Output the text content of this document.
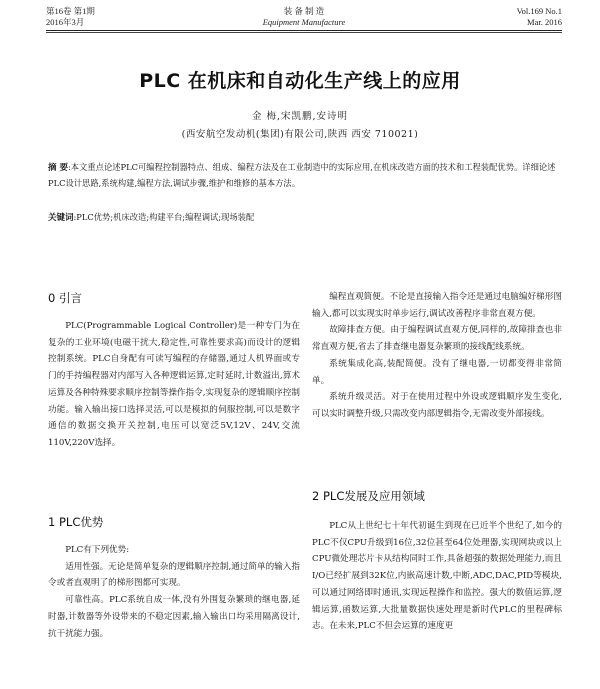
第16卷 第1期
2016年3月
装 备 制 造
Equipment Manufacture
Vol.169 No.1
Mar. 2016
PLC 在机床和自动化生产线上的应用
金 梅,宋凯鹏,安诗明
(西安航空发动机(集团)有限公司,陕西 西安 710021)
摘 要:本文重点论述PLC可编程控制器特点、组成、编程方法及在工业制造中的实际应用,在机床改造方面的技术和工程装配优势。详细论述PLC设计思路,系统构建,编程方法,调试步骤,维护和维修的基本方法。
关键词:PLC优势;机床改造;构建平台;编程调试;现场装配
0 引言

PLC(Programmable Logical Controller)是一种专门为在复杂的工业环境(电磁干扰大,稳定性,可靠性要求高)而设计的逻辑控制系统。PLC自身配有可读写编程的存储器,通过人机界面或专门的手持编程器对内部写入各种逻辑运算,定时延时,计数溢出,算术运算及各种特殊要求顺序控制等操作指令,实现复杂的逻辑顺序控制功能。输入输出接口选择灵活,可以是模拟的伺服控制,可以是数字通信的数据交换开关控制,电压可以宽泛5V,12V、24V,交流110V,220V选择。

1 PLC优势

PLC有下列优势:

适用性强。无论是简单复杂的逻辑顺序控制,通过简单的输入指令或者直观明了的梯形图都可实现。

可靠性高。PLC系统自成一体,没有外围复杂繁琐的继电器,延时器,计数器等外设带来的不稳定因素,输入输出口均采用隔离设计,抗干扰能力强。

编程直观简便。不论是直接输入指令还是通过电脑编好梯形图输入,都可以实现实时单步运行,调试改善程序非常直观方便。

故障排查方便。由于编程调试直观方便,同样的,故障排查也非常直观方便,省去了排查继电器复杂繁琐的接线配线系统。

系统集成化高,装配简便。没有了继电器,一切都变得非常简单。

系统升级灵活。对于在使用过程中外设或逻辑顺序发生变化,可以实时调整升级,只需改变内部逻辑指令,无需改变外部接线。

2 PLC发展及应用领域

PLC从上世纪七十年代初诞生到现在已近半个世纪了,如今的PLC不仅CPU升级到16位,32位甚至64位处理器,实现网块或以上CPU微处理芯片卡从结构同时工作,具备超强的数据处理能力,而且I/O已经扩展到32K位,内嵌高速计数,中断,ADC,DAC,PID等模块,可以通过网络即时通讯,实现远程操作和监控。强大的数值运算,逻辑运算,函数运算,大批量数据快速处理是新时代PLC的里程碑标志。在未来,PLC不但会运算的速度更
